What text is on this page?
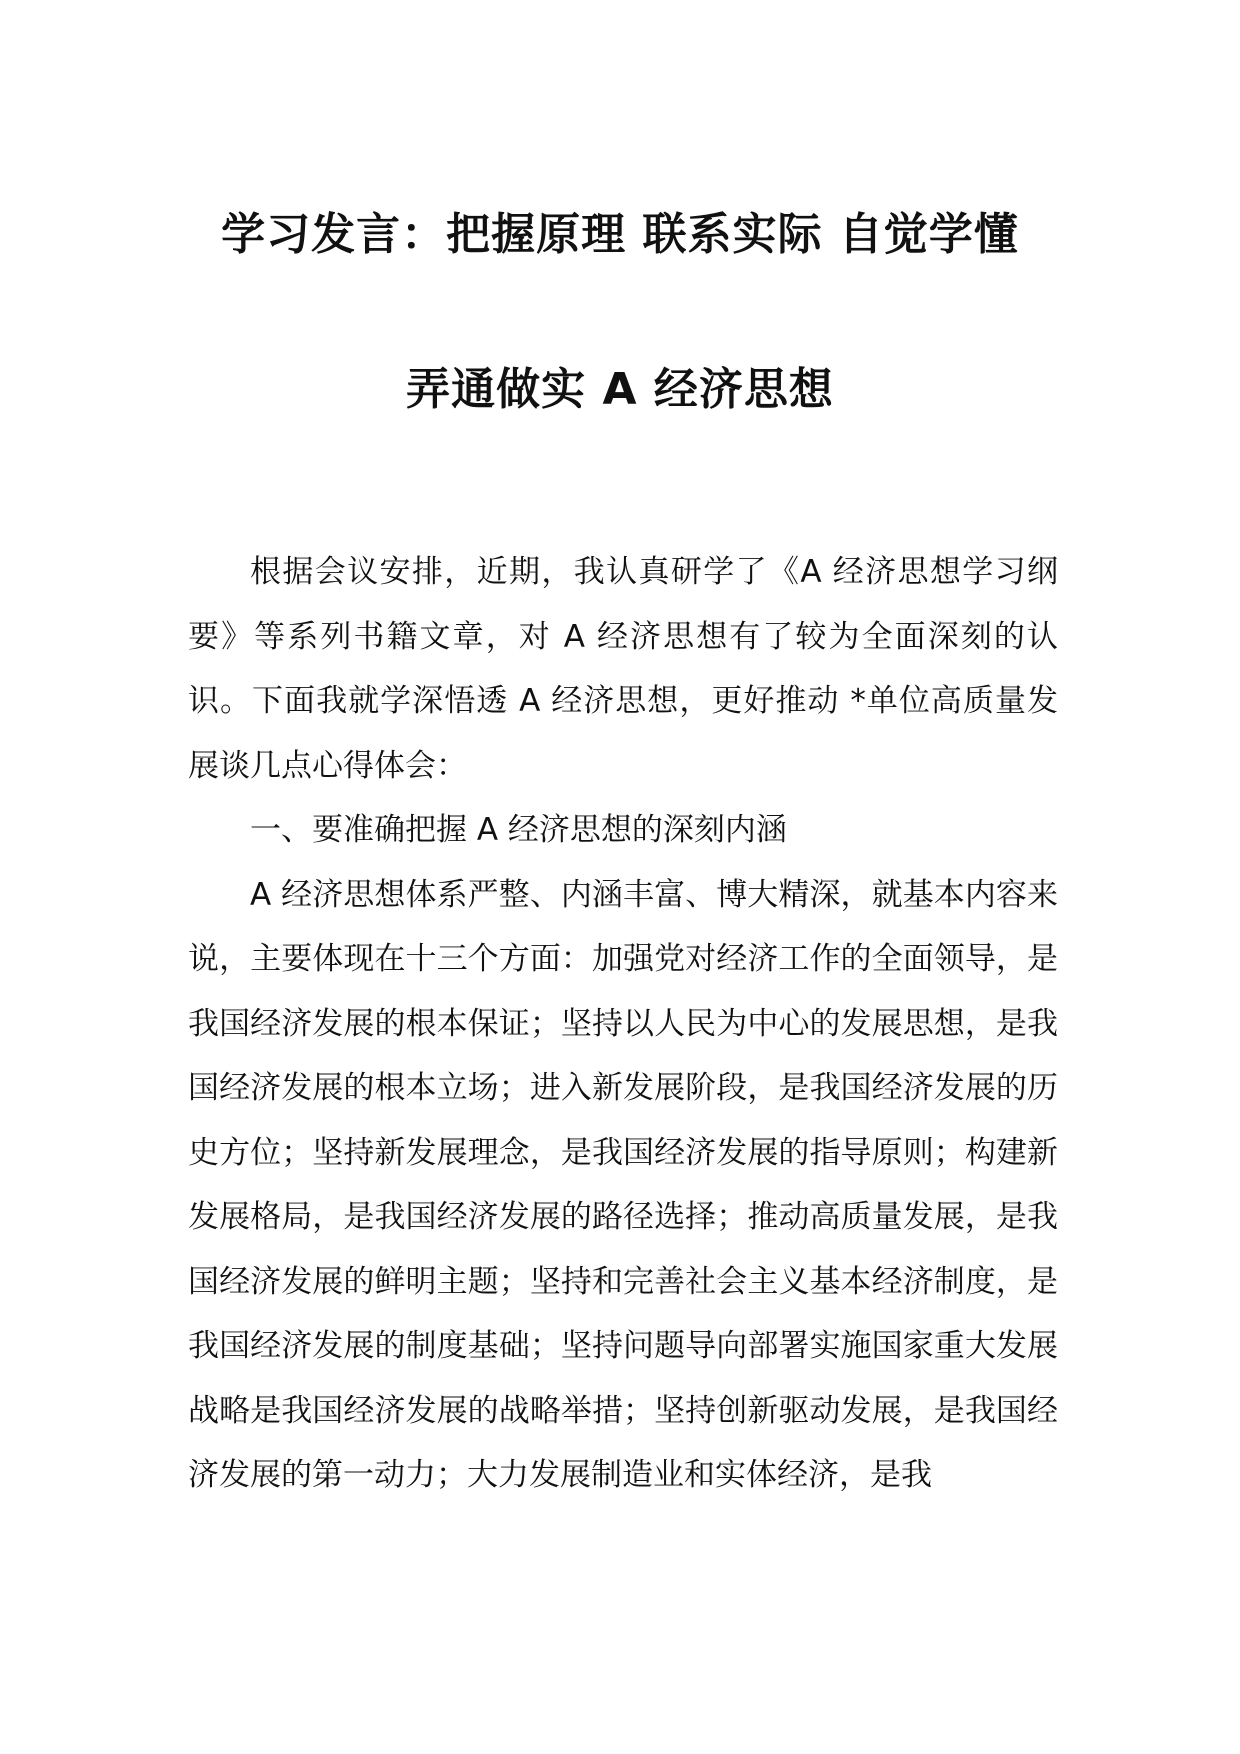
学习发言：把握原理 联系实际 自觉学懂
弄通做实 A 经济思想

根据会议安排，近期，我认真研学了《A 经济思想学习纲要》等系列书籍文章，对 A 经济思想有了较为全面深刻的认识。下面我就学深悟透 A 经济思想，更好推动 *单位高质量发展谈几点心得体会：

一、要准确把握 A 经济思想的深刻内涵

A 经济思想体系严整、内涵丰富、博大精深，就基本内容来说，主要体现在十三个方面：加强党对经济工作的全面领导，是我国经济发展的根本保证；坚持以人民为中心的发展思想，是我国经济发展的根本立场；进入新发展阶段，是我国经济发展的历史方位；坚持新发展理念，是我国经济发展的指导原则；构建新发展格局，是我国经济发展的路径选择；推动高质量发展，是我国经济发展的鲜明主题；坚持和完善社会主义基本经济制度，是我国经济发展的制度基础；坚持问题导向部署实施国家重大发展战略是我国经济发展的战略举措；坚持创新驱动发展，是我国经济发展的第一动力；大力发展制造业和实体经济，是我
